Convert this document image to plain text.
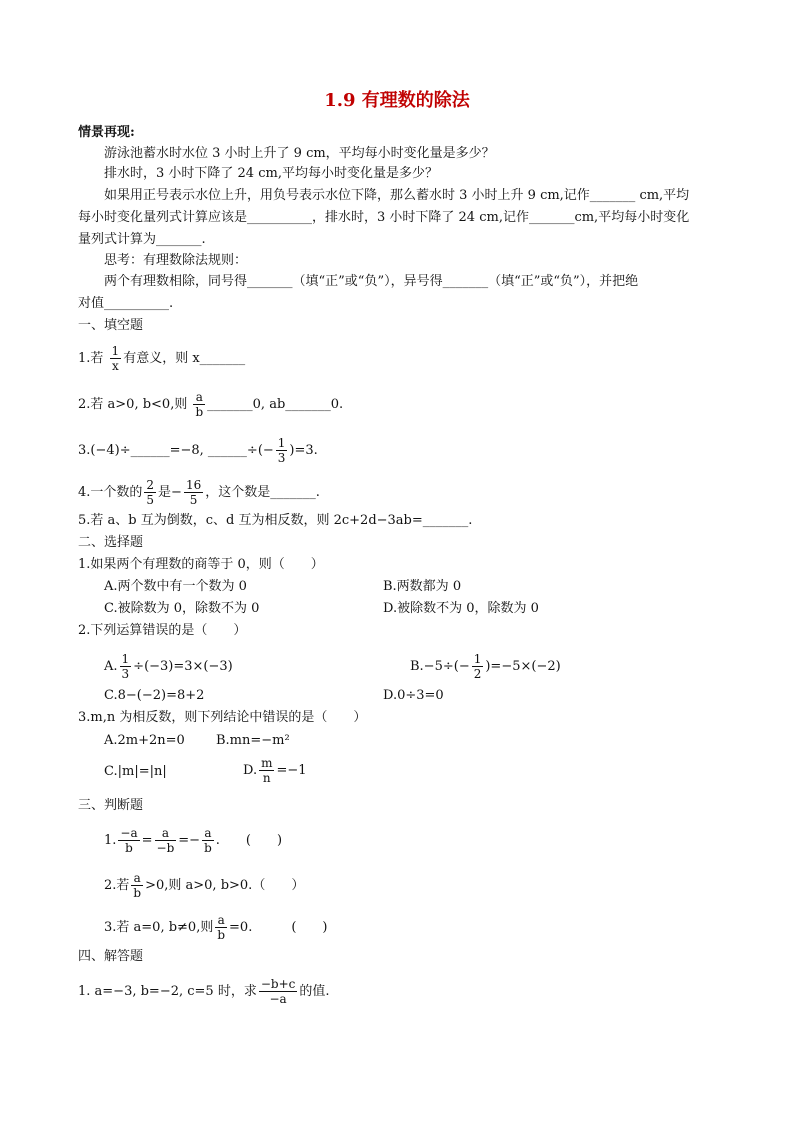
1.9 有理数的除法
情景再现:
游泳池蓄水时水位 3 小时上升了 9 cm，平均每小时变化量是多少？
排水时，3 小时下降了 24 cm,平均每小时变化量是多少？
如果用正号表示水位上升，用负号表示水位下降，那么蓄水时 3 小时上升 9 cm,记作_______ cm,平均
每小时变化量列式计算应该是__________，排水时，3 小时下降了 24 cm,记作_______cm,平均每小时变化
量列式计算为_______.
思考：有理数除法规则：
两个有理数相除，同号得_______（填“正”或“负”），异号得_______（填“正”或“负”），并把绝
对值__________.
一、填空题
1.若 $\frac{1}{x}$ 有意义，则 x_______
2.若 a>0, b<0,则 $\frac{a}{b}$ _______0, ab_______0.
3.(−4)÷______=−8, ______÷(− $\frac{1}{3} )=3$.
4.一个数的 $\frac{2}{5}$ 是− $\frac{16}{5}$ ，这个数是_______.
5.若 a、b 互为倒数，c、d 互为相反数，则 2c+2d−3ab=_______.
二、选择题
1.如果两个有理数的商等于 0，则（　　）
A.两个数中有一个数为 0	B.两数都为 0
C.被除数为 0，除数不为 0	D.被除数不为 0，除数为 0
2.下列运算错误的是（　　）
A. $\frac{1}{3} \div(-3)=3\times(-3)$	$B.-5\div(- \frac{1}{2} )=-5\times(-2)$
C.8−(−2)=8+2	D.0÷3=0
3.m,n 为相反数，则下列结论中错误的是（　　）
A.2m+2n=0 B.mn=−m²
C.|m|=|n|	D. $\frac{m}{n} =-1$
三、判断题
1. $\frac{-a}{b} = \frac{a}{-b} =- \frac{a}{b}$ .　　(　　)
2.若 $\frac{a}{b} >0$,则 a>0, b>0.（　　）
3.若 a=0, b≠0,则 $\frac{a}{b} =0$.　　　(　　)
四、解答题
1. a=−3, b=−2, c=5 时，求 $\frac{-b+c}{-a}$ 的值.
